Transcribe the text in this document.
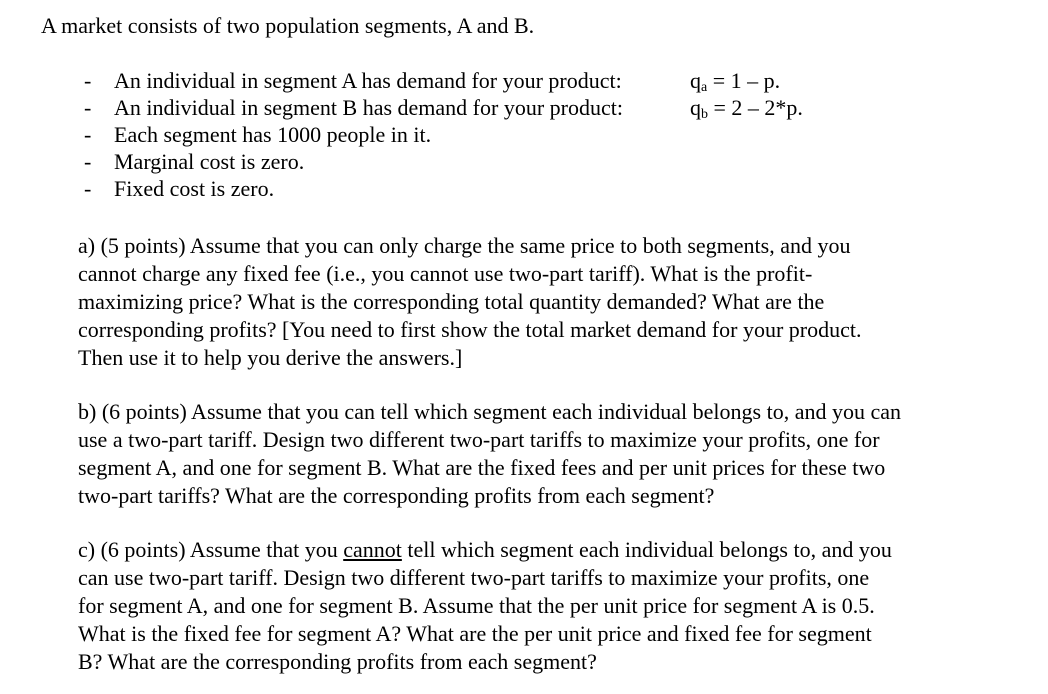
A market consists of two population segments, A and B.
- An individual in segment A has demand for your product:	$q_a = 1 - p$.
- An individual in segment B has demand for your product:	$q_b = 2 - 2*p$.
- Each segment has 1000 people in it.
- Marginal cost is zero.
- Fixed cost is zero.
a) (5 points) Assume that you can only charge the same price to both segments, and you
cannot charge any fixed fee (i.e., you cannot use two-part tariff). What is the profit-
maximizing price? What is the corresponding total quantity demanded? What are the
corresponding profits? [You need to first show the total market demand for your product.
Then use it to help you derive the answers.]
b) (6 points) Assume that you can tell which segment each individual belongs to, and you can
use a two-part tariff. Design two different two-part tariffs to maximize your profits, one for
segment A, and one for segment B. What are the fixed fees and per unit prices for these two
two-part tariffs? What are the corresponding profits from each segment?
c) (6 points) Assume that you cannot tell which segment each individual belongs to, and you
can use two-part tariff. Design two different two-part tariffs to maximize your profits, one
for segment A, and one for segment B. Assume that the per unit price for segment A is 0.5.
What is the fixed fee for segment A? What are the per unit price and fixed fee for segment
B? What are the corresponding profits from each segment?
